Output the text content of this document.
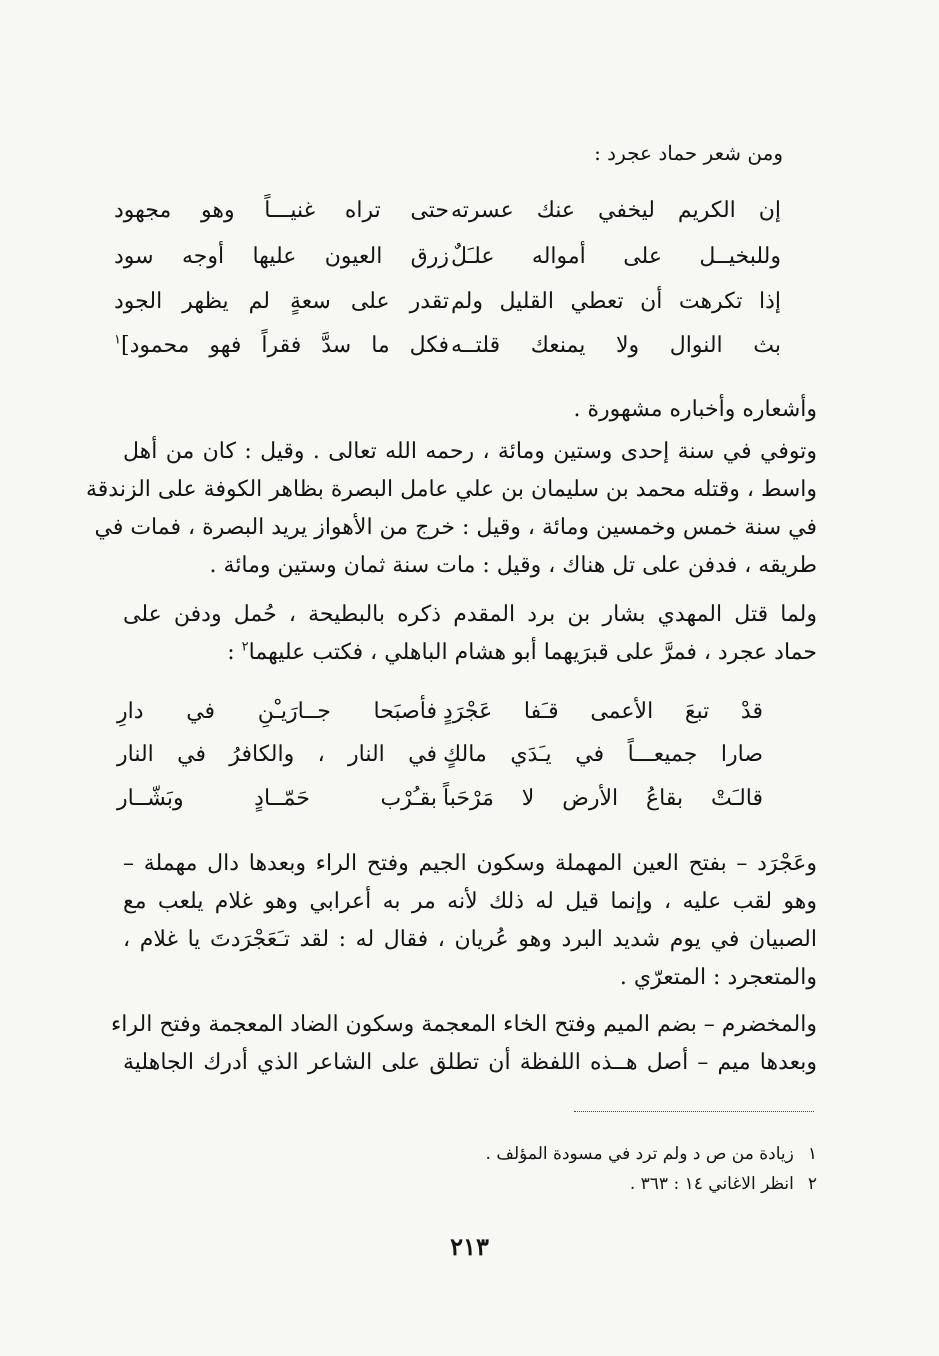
ومن شعر حماد عجرد :
إن الكريم ليخفي عنك عسرته
حتى تراه غنيـــاً وهو مجهود
وللبخيــل على أمواله علـَلٌ
زرق العيون عليها أوجه سود
إذا تكرهت أن تعطي القليل ولم
تقدر على سعةٍ لم يظهر الجود
بث النوال ولا يمنعك قلتــه
فكل ما سدَّ فقراً فهو محمود]$^١$
وأشعاره وأخباره مشهورة .
وتوفي في سنة إحدى وستين ومائة ، رحمه الله تعالى . وقيل : كان من أهل
واسط ، وقتله محمد بن سليمان بن علي عامل البصرة بظاهر الكوفة على الزندقة
في سنة خمس وخمسين ومائة ، وقيل : خرج من الأهواز يريد البصرة ، فمات في
طريقه ، فدفن على تل هناك ، وقيل : مات سنة ثمان وستين ومائة .
ولما قتل المهدي بشار بن برد المقدم ذكره بالبطيحة ، حُمل ودفن على
حماد عجرد ، فمرَّ على قبرَيهما أبو هشام الباهلي ، فكتب عليهما$^٢$ :
قدْ تبعَ الأعمى قـَفا عَجْرَدٍ
فأصبَحا جــارَيـْنِ في دارِ
صارا جميعـــاً في يـَدَي مالكٍ
في النار ، والكافرُ في النار
قالـَتْ بقاعُ الأرض لا مَرْحَباً
بقـُرْب حَمّــادٍ وبَشّــار
وعَجْرَد – بفتح العين المهملة وسكون الجيم وفتح الراء وبعدها دال مهملة –
وهو لقب عليه ، وإنما قيل له ذلك لأنه مر به أعرابي وهو غلام يلعب مع
الصبيان في يوم شديد البرد وهو عُريان ، فقال له : لقد تـَعَجْرَدتَ يا غلام ،
والمتعجرد : المتعرّي .
والمخضرم – بضم الميم وفتح الخاء المعجمة وسكون الضاد المعجمة وفتح الراء
وبعدها ميم – أصل هــذه اللفظة أن تطلق على الشاعر الذي أدرك الجاهلية
١زيادة من ص د ولم ترد في مسودة المؤلف .
٢انظر الاغاني ١٤ : ٣٦٣ .
٢١٣
